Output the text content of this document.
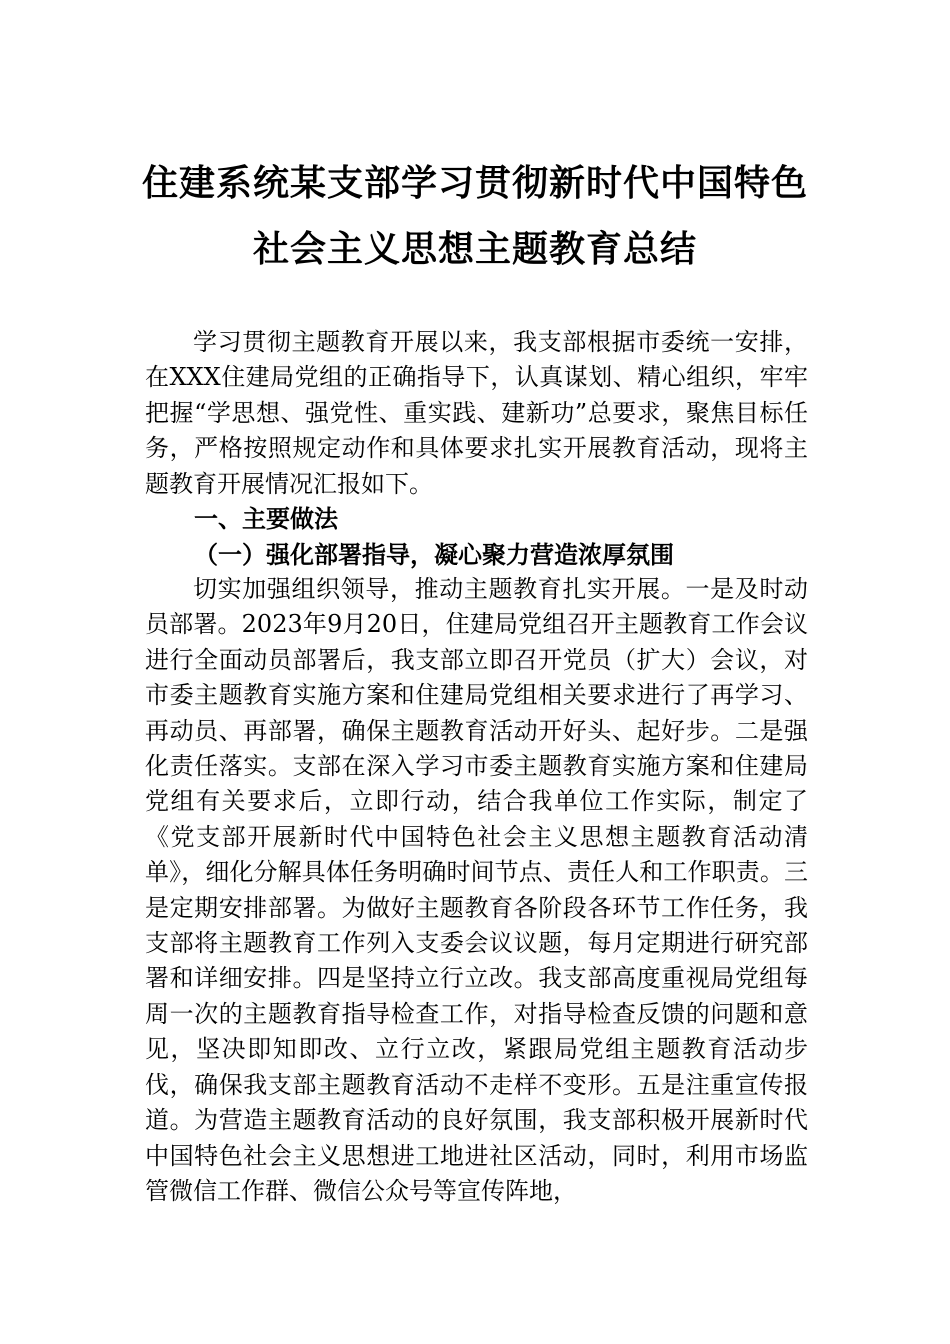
住建系统某支部学习贯彻新时代中国特色
社会主义思想主题教育总结

学习贯彻主题教育开展以来，我支部根据市委统一安排，在XXX住建局党组的正确指导下，认真谋划、精心组织，牢牢把握“学思想、强党性、重实践、建新功”总要求，聚焦目标任务，严格按照规定动作和具体要求扎实开展教育活动，现将主题教育开展情况汇报如下。

一、主要做法
（一）强化部署指导，凝心聚力营造浓厚氛围

切实加强组织领导，推动主题教育扎实开展。一是及时动员部署。2023年9月20日，住建局党组召开主题教育工作会议进行全面动员部署后，我支部立即召开党员（扩大）会议，对市委主题教育实施方案和住建局党组相关要求进行了再学习、再动员、再部署，确保主题教育活动开好头、起好步。二是强化责任落实。支部在深入学习市委主题教育实施方案和住建局党组有关要求后，立即行动，结合我单位工作实际，制定了《党支部开展新时代中国特色社会主义思想主题教育活动清单》，细化分解具体任务明确时间节点、责任人和工作职责。三是定期安排部署。为做好主题教育各阶段各环节工作任务，我支部将主题教育工作列入支委会议议题，每月定期进行研究部署和详细安排。四是坚持立行立改。我支部高度重视局党组每周一次的主题教育指导检查工作，对指导检查反馈的问题和意见，坚决即知即改、立行立改，紧跟局党组主题教育活动步伐，确保我支部主题教育活动不走样不变形。五是注重宣传报道。为营造主题教育活动的良好氛围，我支部积极开展新时代中国特色社会主义思想进工地进社区活动，同时，利用市场监管微信工作群、微信公众号等宣传阵地，
